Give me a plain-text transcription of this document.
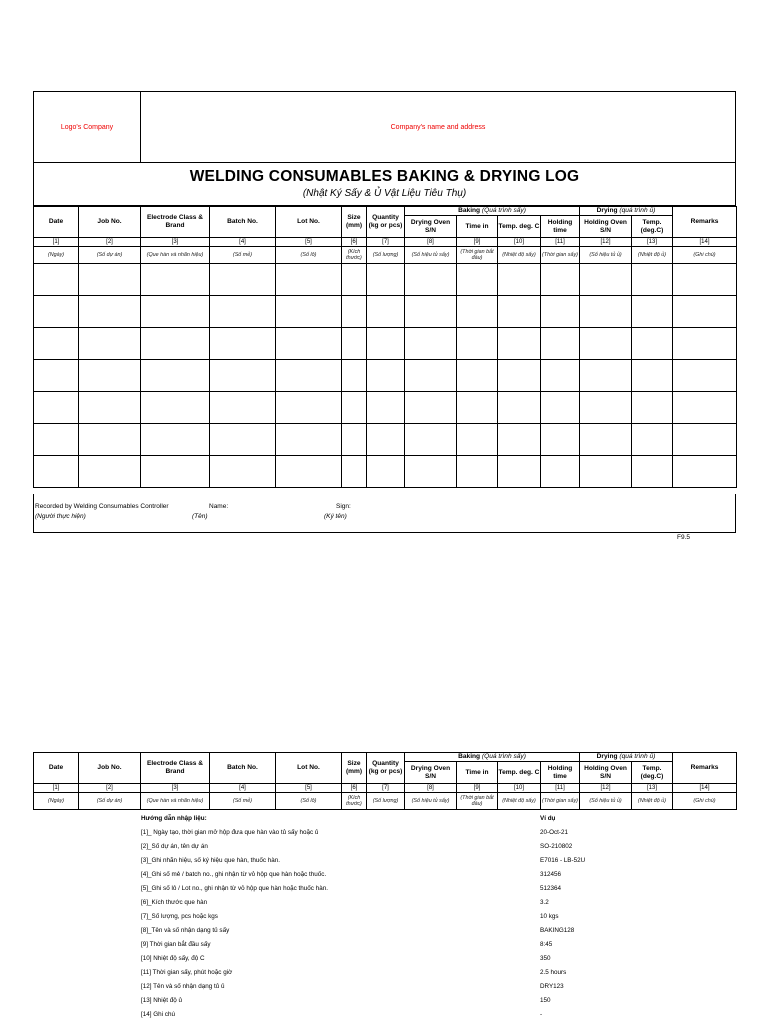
Logo's Company	Company's name and address
WELDING CONSUMABLES BAKING & DRYING LOG
(Nhật Ký Sấy & Ủ Vật Liệu Tiêu Thụ)
Date	Job No.	Electrode Class & Brand	Batch No.	Lot No.	Size (mm)	Quantity (kg or pcs)	Baking (Quá trình sấy)				Drying (quá trình ủ)		Remarks
							Drying Oven S/N	Time in	Temp. deg. C	Holding time	Holding Oven S/N	Temp. (deg.C)	
[1]	[2]	[3]	[4]	[5]	[6]	[7]	[8]	[9]	[10]	[11]	[12]	[13]	[14]
(Ngày)	(Số dự án)	(Que hàn và nhãn hiệu)	(Số mẻ)	(Số lô)	(Kích thước)	(Số lượng)	(Số hiệu tủ sấy)	(Thời gian bắt đầu)	(Nhiệt độ sấy)	(Thời gian sấy)	(Số hiệu tủ ủ)	(Nhiệt độ ủ)	(Ghi chú)

Recorded by Welding Consumables Controller
(Người thực hiện)
Name:
(Tên)
Sign:
(Ký tên)
F9.5
Date	Job No.	Electrode Class & Brand	Batch No.	Lot No.	Size (mm)	Quantity (kg or pcs)	Baking (Quá trình sấy)				Drying (quá trình ủ)		Remarks
							Drying Oven S/N	Time in	Temp. deg. C	Holding time	Holding Oven S/N	Temp. (deg.C)	
[1]	[2]	[3]	[4]	[5]	[6]	[7]	[8]	[9]	[10]	[11]	[12]	[13]	[14]
(Ngày)	(Số dự án)	(Que hàn và nhãn hiệu)	(Số mẻ)	(Số lô)	(Kích thước)	(Số lượng)	(Số hiệu tủ sấy)	(Thời gian bắt đầu)	(Nhiệt độ sấy)	(Thời gian sấy)	(Số hiệu tủ ủ)	(Nhiệt độ ủ)	(Ghi chú)
Hướng dẫn nhập liệu:	Ví dụ
[1]_ Ngày tạo, thời gian mở hộp đưa que hàn vào tủ sấy hoặc ủ	20-Oct-21
[2]_Số dự án, tên dự án	SO-210802
[3]_Ghi nhãn hiệu, số ký hiệu que hàn, thuốc hàn.	E7016 - LB-52U
[4]_Ghi số mẻ / batch no., ghi nhận từ vỏ hộp que hàn hoặc thuốc.	312456
[5]_Ghi số lô / Lot no., ghi nhận từ vỏ hộp que hàn hoặc thuốc hàn.	512364
[6]_Kích thước que hàn	3.2
[7]_Số lượng, pcs hoặc kgs	10 kgs
[8]_Tên và số nhận dạng tủ sấy	BAKING128
[9] Thời gian bắt đầu sấy	8:45
[10] Nhiệt độ sấy, độ C	350
[11] Thời gian sấy, phút hoặc giờ	2.5 hours
[12] Tên và số nhận dạng tủ ủ	DRY123
[13] Nhiệt độ ủ	150
[14] Ghi chú	-
